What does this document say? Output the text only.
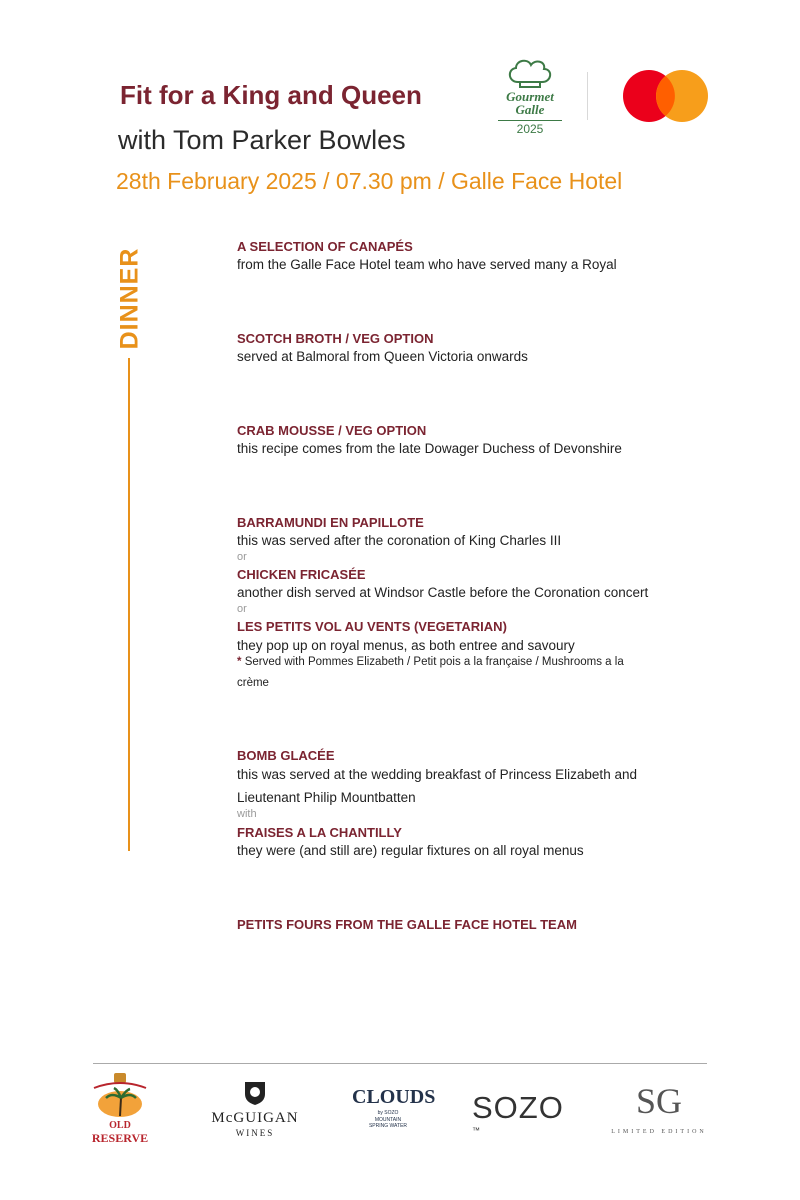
Fit for a King and Queen
with Tom Parker Bowles
28th February 2025 / 07.30 pm / Galle Face Hotel
Gourmet
Galle
2025
DINNER
A SELECTION OF CANAPÉS
from the Galle Face Hotel team who have served many a Royal
SCOTCH BROTH / VEG OPTION
served at Balmoral from Queen Victoria onwards
CRAB MOUSSE / VEG OPTION
this recipe comes from the late Dowager Duchess of Devonshire
BARRAMUNDI EN PAPILLOTE
this was served after the coronation of King Charles III
or
CHICKEN FRICASÉE
another dish served at Windsor Castle before the Coronation concert
or
LES PETITS VOL AU VENTS (VEGETARIAN)
they pop up on royal menus, as both entree and savoury
* Served with Pommes Elizabeth / Petit pois a la française / Mushrooms a la
crème
BOMB GLACÉE
this was served at the wedding breakfast of Princess Elizabeth and
Lieutenant Philip Mountbatten
with
FRAISES A LA CHANTILLY
they were (and still are) regular fixtures on all royal menus
PETITS FOURS FROM THE GALLE FACE HOTEL TEAM
OLD
RESERVE
McGUIGAN
WINES
CLOUDS
by SOZO
MOUNTAIN
SPRING WATER
SOZO ™
SG
LIMITED EDITION
